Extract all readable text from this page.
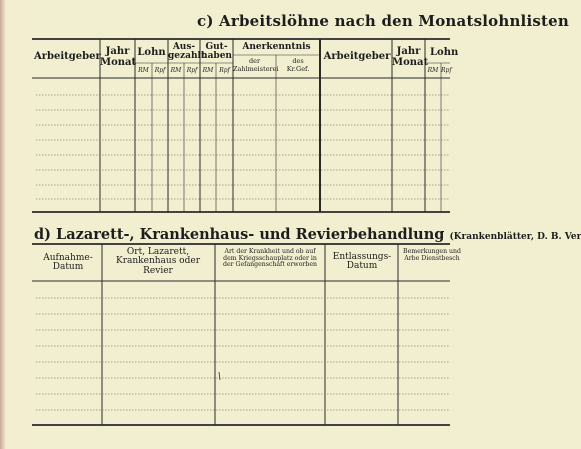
c) Arbeitslöhne nach den Monatslohnlisten
Arbeitgeber Jahr Monat
Lohn Aus-gezahlt
Gut-haben
Anerkenntnis
der
Zahlmeisterei
des
Kr.Gef.
RM Rpf RM Rpf RM Rpf
Arbeitgeber Jahr Monat
Lohn
RM Rpf
d) Lazarett-, Krankenhaus- und Revierbehandlung (Krankenblätter, D. B. Ver
Aufnahme-Datum
Ort, Lazarett, Krankenhaus oder Revier
Art der Krankheit und ob auf dem Kriegsschauplatz oder in der Gefangenschaft erworben
Entlassungs-Datum
Bemerkungen und Arbe Dienstbesch
